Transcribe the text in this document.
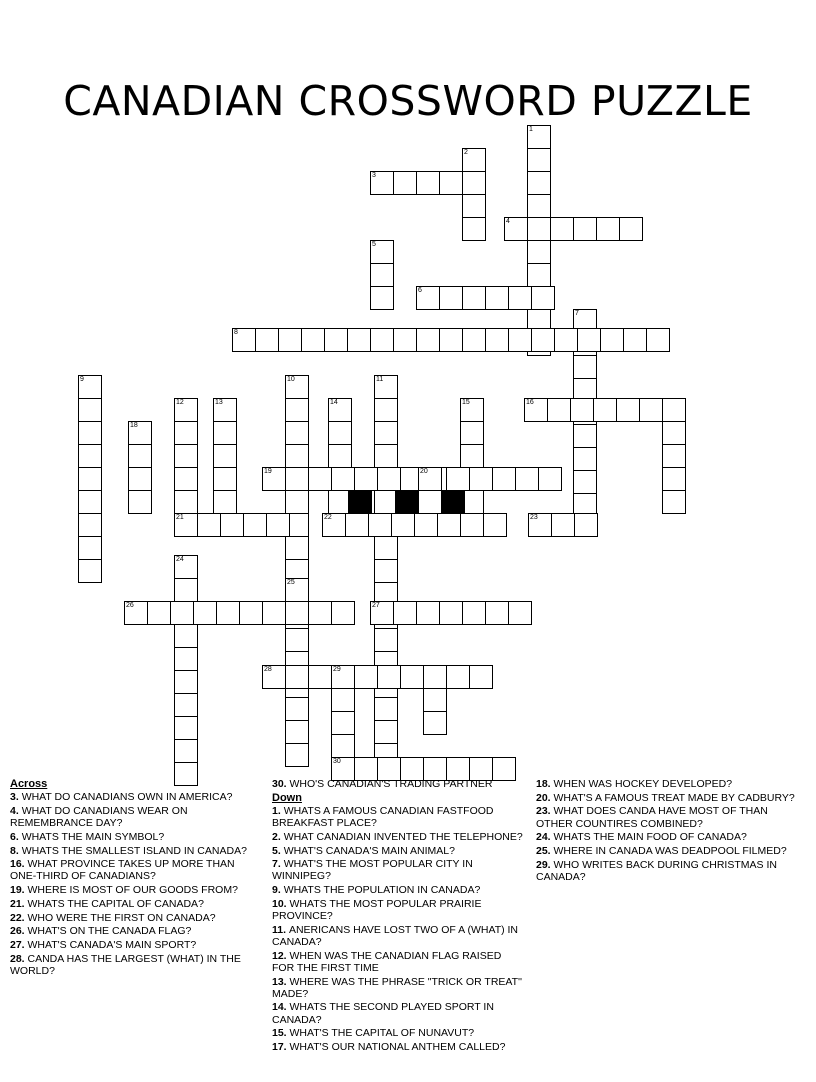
CANADIAN CROSSWORD PUZZLE
1
2
3
4
5
6
7
8
9	10	11
12	13	14	15	16
18
19	20
21	22	23
24
25
26	27
28	29
30
Across
3. WHAT DO CANADIANS OWN IN AMERICA?
4. WHAT DO CANADIANS WEAR ON REMEMBRANCE DAY?
6. WHATS THE MAIN SYMBOL?
8. WHATS THE SMALLEST ISLAND IN CANADA?
16. WHAT PROVINCE TAKES UP MORE THAN ONE-THIRD OF CANADIANS?
19. WHERE IS MOST OF OUR GOODS FROM?
21. WHATS THE CAPITAL OF CANADA?
22. WHO WERE THE FIRST ON CANADA?
26. WHAT'S ON THE CANADA FLAG?
27. WHAT'S CANADA'S MAIN SPORT?
28. CANDA HAS THE LARGEST (WHAT) IN THE WORLD?
30. WHO'S CANADIAN'S TRADING PARTNER
Down
1. WHATS A FAMOUS CANADIAN FASTFOOD BREAKFAST PLACE?
2. WHAT CANADIAN INVENTED THE TELEPHONE?
5. WHAT'S CANADA'S MAIN ANIMAL?
7. WHAT'S THE MOST POPULAR CITY IN WINNIPEG?
9. WHATS THE POPULATION IN CANADA?
10. WHATS THE MOST POPULAR PRAIRIE PROVINCE?
11. ANERICANS HAVE LOST TWO OF A (WHAT) IN CANADA?
12. WHEN WAS THE CANADIAN FLAG RAISED FOR THE FIRST TIME
13. WHERE WAS THE PHRASE "TRICK OR TREAT'' MADE?
14. WHATS THE SECOND PLAYED SPORT IN CANADA?
15. WHAT'S THE CAPITAL OF NUNAVUT?
17. WHAT'S OUR NATIONAL ANTHEM CALLED?
18. WHEN WAS HOCKEY DEVELOPED?
20. WHAT'S A FAMOUS TREAT MADE BY CADBURY?
23. WHAT DOES CANDA HAVE MOST OF THAN OTHER COUNTIRES COMBINED?
24. WHATS THE MAIN FOOD OF CANADA?
25. WHERE IN CANADA WAS DEADPOOL FILMED?
29. WHO WRITES BACK DURING CHRISTMAS IN CANADA?
